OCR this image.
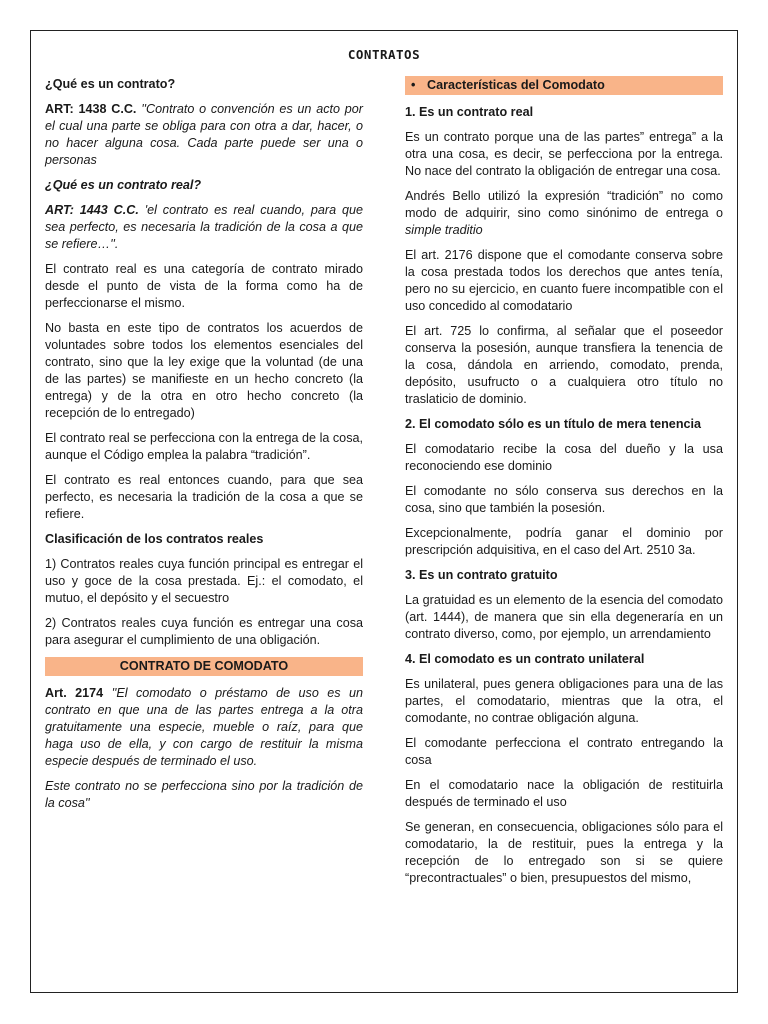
CONTRATOS

¿Qué es un contrato?

ART: 1438 C.C. ''Contrato o convención es un acto por el cual una parte se obliga para con otra a dar, hacer, o no hacer alguna cosa. Cada parte puede ser una o personas

¿Qué es un contrato real?

ART: 1443 C.C. 'el contrato es real cuando, para que sea perfecto, es necesaria la tradición de la cosa a que se refiere…''.

El contrato real es una categoría de contrato mirado desde el punto de vista de la forma como ha de perfeccionarse el mismo.

No basta en este tipo de contratos los acuerdos de voluntades sobre todos los elementos esenciales del contrato, sino que la ley exige que la voluntad (de una de las partes) se manifieste en un hecho concreto (la entrega) y de la otra en otro hecho concreto (la recepción de lo entregado)

El contrato real se perfecciona con la entrega de la cosa, aunque el Código emplea la palabra “tradición”.

El contrato es real entonces cuando, para que sea perfecto, es necesaria la tradición de la cosa a que se refiere.

Clasificación de los contratos reales

1) Contratos reales cuya función principal es entregar el uso y goce de la cosa prestada. Ej.: el comodato, el mutuo, el depósito y el secuestro

2) Contratos reales cuya función es entregar una cosa para asegurar el cumplimiento de una obligación.

CONTRATO DE COMODATO

Art. 2174 ''El comodato o préstamo de uso es un contrato en que una de las partes entrega a la otra gratuitamente una especie, mueble o raíz, para que haga uso de ella, y con cargo de restituir la misma especie después de terminado el uso.

Este contrato no se perfecciona sino por la tradición de la cosa''

• Características del Comodato

1. Es un contrato real

Es un contrato porque una de las partes” entrega” a la otra una cosa, es decir, se perfecciona por la entrega. No nace del contrato la obligación de entregar una cosa.

Andrés Bello utilizó la expresión “tradición” no como modo de adquirir, sino como sinónimo de entrega o simple traditio

El art. 2176 dispone que el comodante conserva sobre la cosa prestada todos los derechos que antes tenía, pero no su ejercicio, en cuanto fuere incompatible con el uso concedido al comodatario

El art. 725 lo confirma, al señalar que el poseedor conserva la posesión, aunque transfiera la tenencia de la cosa, dándola en arriendo, comodato, prenda, depósito, usufructo o a cualquiera otro título no traslaticio de dominio.

2. El comodato sólo es un título de mera tenencia

El comodatario recibe la cosa del dueño y la usa reconociendo ese dominio

El comodante no sólo conserva sus derechos en la cosa, sino que también la posesión.

Excepcionalmente, podría ganar el dominio por prescripción adquisitiva, en el caso del Art. 2510 3a.

3. Es un contrato gratuito

La gratuidad es un elemento de la esencia del comodato (art. 1444), de manera que sin ella degeneraría en un contrato diverso, como, por ejemplo, un arrendamiento

4. El comodato es un contrato unilateral

Es unilateral, pues genera obligaciones para una de las partes, el comodatario, mientras que la otra, el comodante, no contrae obligación alguna.

El comodante perfecciona el contrato entregando la cosa

En el comodatario nace la obligación de restituirla después de terminado el uso

Se generan, en consecuencia, obligaciones sólo para el comodatario, la de restituir, pues la entrega y la recepción de lo entregado son si se quiere “precontractuales” o bien, presupuestos del mismo,
